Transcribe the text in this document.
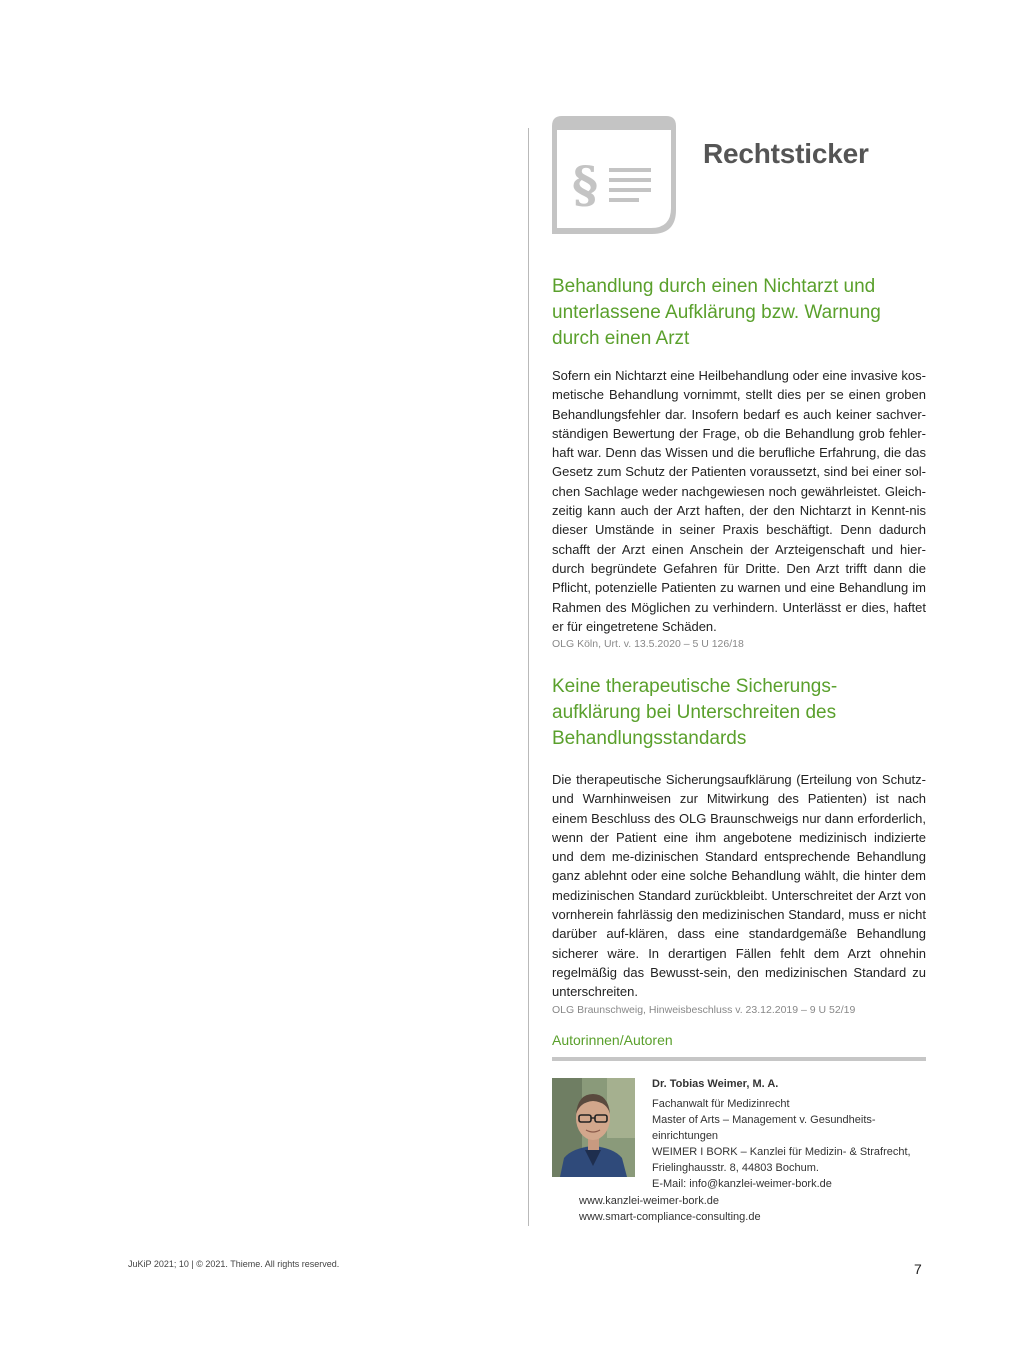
§
Rechtsticker
Behandlung durch einen Nichtarzt und
unterlassene Aufklärung bzw. Warnung
durch einen Arzt

Sofern ein Nichtarzt eine Heilbehandlung oder eine invasive kos-metische Behandlung vornimmt, stellt dies per se einen groben Behandlungsfehler dar. Insofern bedarf es auch keiner sachver-ständigen Bewertung der Frage, ob die Behandlung grob fehler-haft war. Denn das Wissen und die berufliche Erfahrung, die das Gesetz zum Schutz der Patienten voraussetzt, sind bei einer sol-chen Sachlage weder nachgewiesen noch gewährleistet. Gleich-zeitig kann auch der Arzt haften, der den Nichtarzt in Kennt-nis dieser Umstände in seiner Praxis beschäftigt. Denn dadurch schafft der Arzt einen Anschein der Arzteigenschaft und hier-durch begründete Gefahren für Dritte. Den Arzt trifft dann die Pflicht, potenzielle Patienten zu warnen und eine Behandlung im Rahmen des Möglichen zu verhindern. Unterlässt er dies, haftet er für eingetretene Schäden.

OLG Köln, Urt. v. 13.5.2020 – 5 U 126/18

Keine therapeutische Sicherungs-
aufklärung bei Unterschreiten des
Behandlungsstandards

Die therapeutische Sicherungsaufklärung (Erteilung von Schutz- und Warnhinweisen zur Mitwirkung des Patienten) ist nach einem Beschluss des OLG Braunschweigs nur dann erforderlich, wenn der Patient eine ihm angebotene medizinisch indizierte und dem me-dizinischen Standard entsprechende Behandlung ganz ablehnt oder eine solche Behandlung wählt, die hinter dem medizinischen Standard zurückbleibt. Unterschreitet der Arzt von vornherein fahrlässig den medizinischen Standard, muss er nicht darüber auf-klären, dass eine standardgemäße Behandlung sicherer wäre. In derartigen Fällen fehlt dem Arzt ohnehin regelmäßig das Bewusst-sein, den medizinischen Standard zu unterschreiten.

OLG Braunschweig, Hinweisbeschluss v. 23.12.2019 – 9 U 52/19

Autorinnen/Autoren
Dr. Tobias Weimer, M. A.
Fachanwalt für Medizinrecht
Master of Arts – Management v. Gesundheits-
einrichtungen
WEIMER I BORK – Kanzlei für Medizin- & Strafrecht,
Frielinghausstr. 8, 44803 Bochum.
E-Mail: info@kanzlei-weimer-bork.de
www.kanzlei-weimer-bork.de
www.smart-compliance-consulting.de
JuKiP 2021; 10 | © 2021. Thieme. All rights reserved.	7
